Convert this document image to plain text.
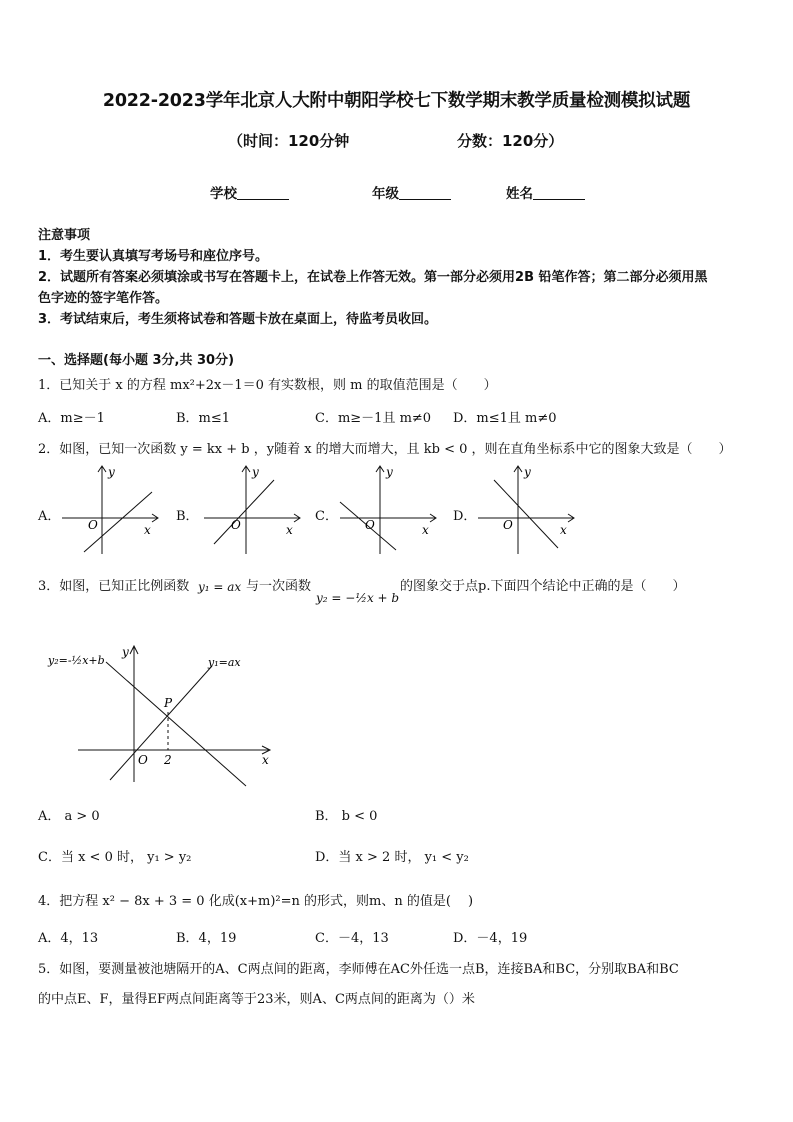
2022-2023学年北京人大附中朝阳学校七下数学期末教学质量检测模拟试题
（时间：120分钟	分数：120分）
学校	年级	姓名
注意事项
1．考生要认真填写考场号和座位序号。
2．试题所有答案必须填涂或书写在答题卡上，在试卷上作答无效。第一部分必须用2B 铅笔作答；第二部分必须用黑
色字迹的签字笔作答。
3．考试结束后，考生须将试卷和答题卡放在桌面上，待监考员收回。
一、选择题(每小题 3分,共 30分)
1．已知关于 x 的方程 mx²+2x－1＝0 有实数根，则 m 的取值范围是（　　）
A．m≥－1	B．m≤1	C．m≥－1且 m≠0 D．m≤1且 m≠0
2．如图，已知一次函数 y = kx + b ，y随着 x 的增大而增大，且 kb < 0 ，则在直角坐标系中它的图象大致是（　　）
A．	B．	C．	D．
y
x
O
y
x
O
y
x
O
y
x
O
3．如图，已知正比例函数 y₁ = ax 与一次函数
y₂ = −½x + b
的图象交于点p.下面四个结论中正确的是（　　）
y₂=-½x+b	y₁=ax
P
2
O
y
x
A． a > 0	B． b < 0
C．当 x < 0 时， y₁ > y₂	D．当 x > 2 时， y₁ < y₂
4．把方程 x² − 8x + 3 = 0 化成(x+m)²=n 的形式，则m、n 的值是(　 )
A．4，13	B．4，19	C．－4，13	D．－4，19
5．如图，要测量被池塘隔开的A、C两点间的距离，李师傅在AC外任选一点B，连接BA和BC，分别取BA和BC
的中点E、F，量得EF两点间距离等于23米，则A、C两点间的距离为（）米
